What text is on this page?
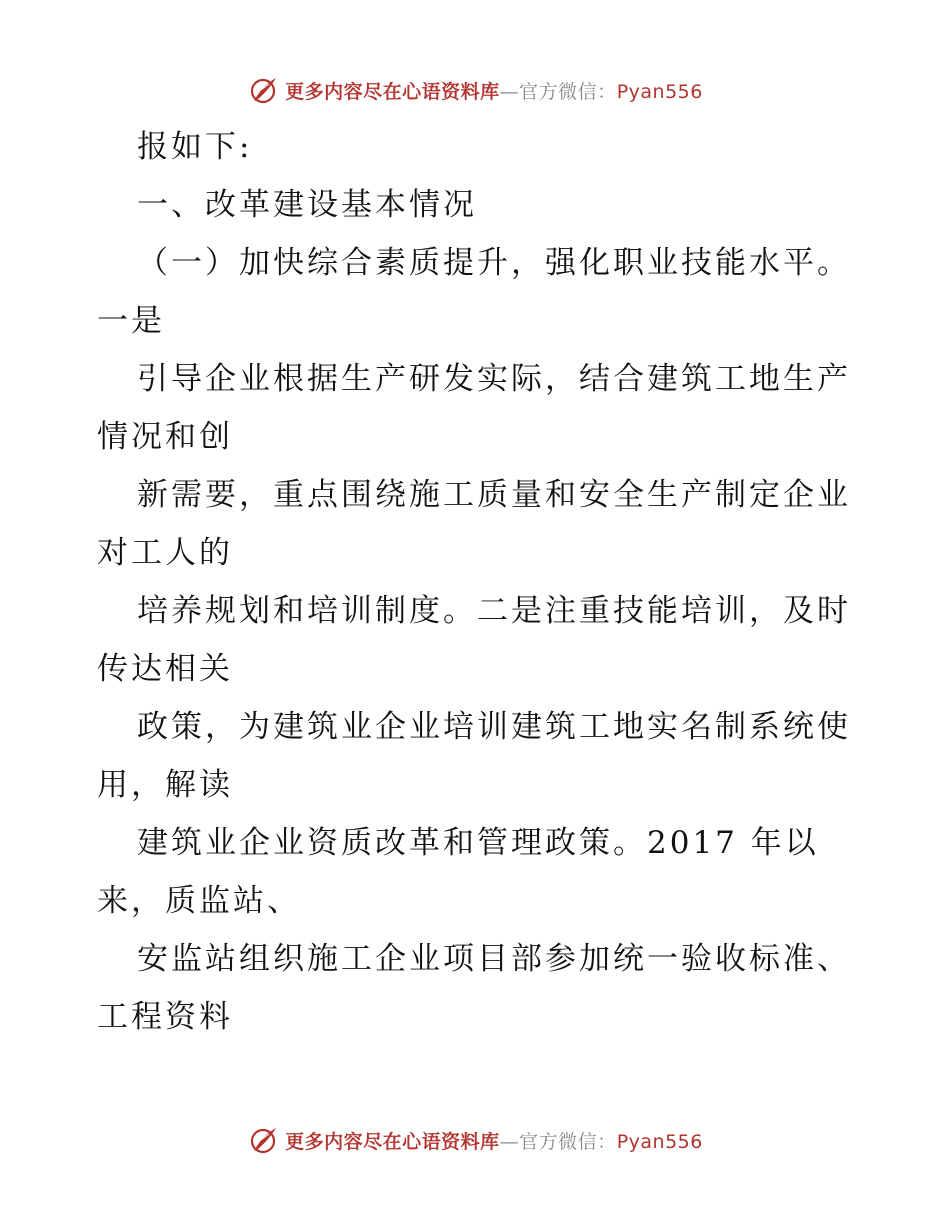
更多内容尽在心语资料库—官方微信：Pyan556
报如下:
一、改革建设基本情况
（一）加快综合素质提升，强化职业技能水平。
一是
引导企业根据生产研发实际，结合建筑工地生产
情况和创
新需要，重点围绕施工质量和安全生产制定企业
对工人的
培养规划和培训制度。二是注重技能培训，及时
传达相关
政策，为建筑业企业培训建筑工地实名制系统使
用，解读
建筑业企业资质改革和管理政策。2017 年以
来，质监站、
安监站组织施工企业项目部参加统一验收标准、
工程资料
更多内容尽在心语资料库—官方微信：Pyan556
